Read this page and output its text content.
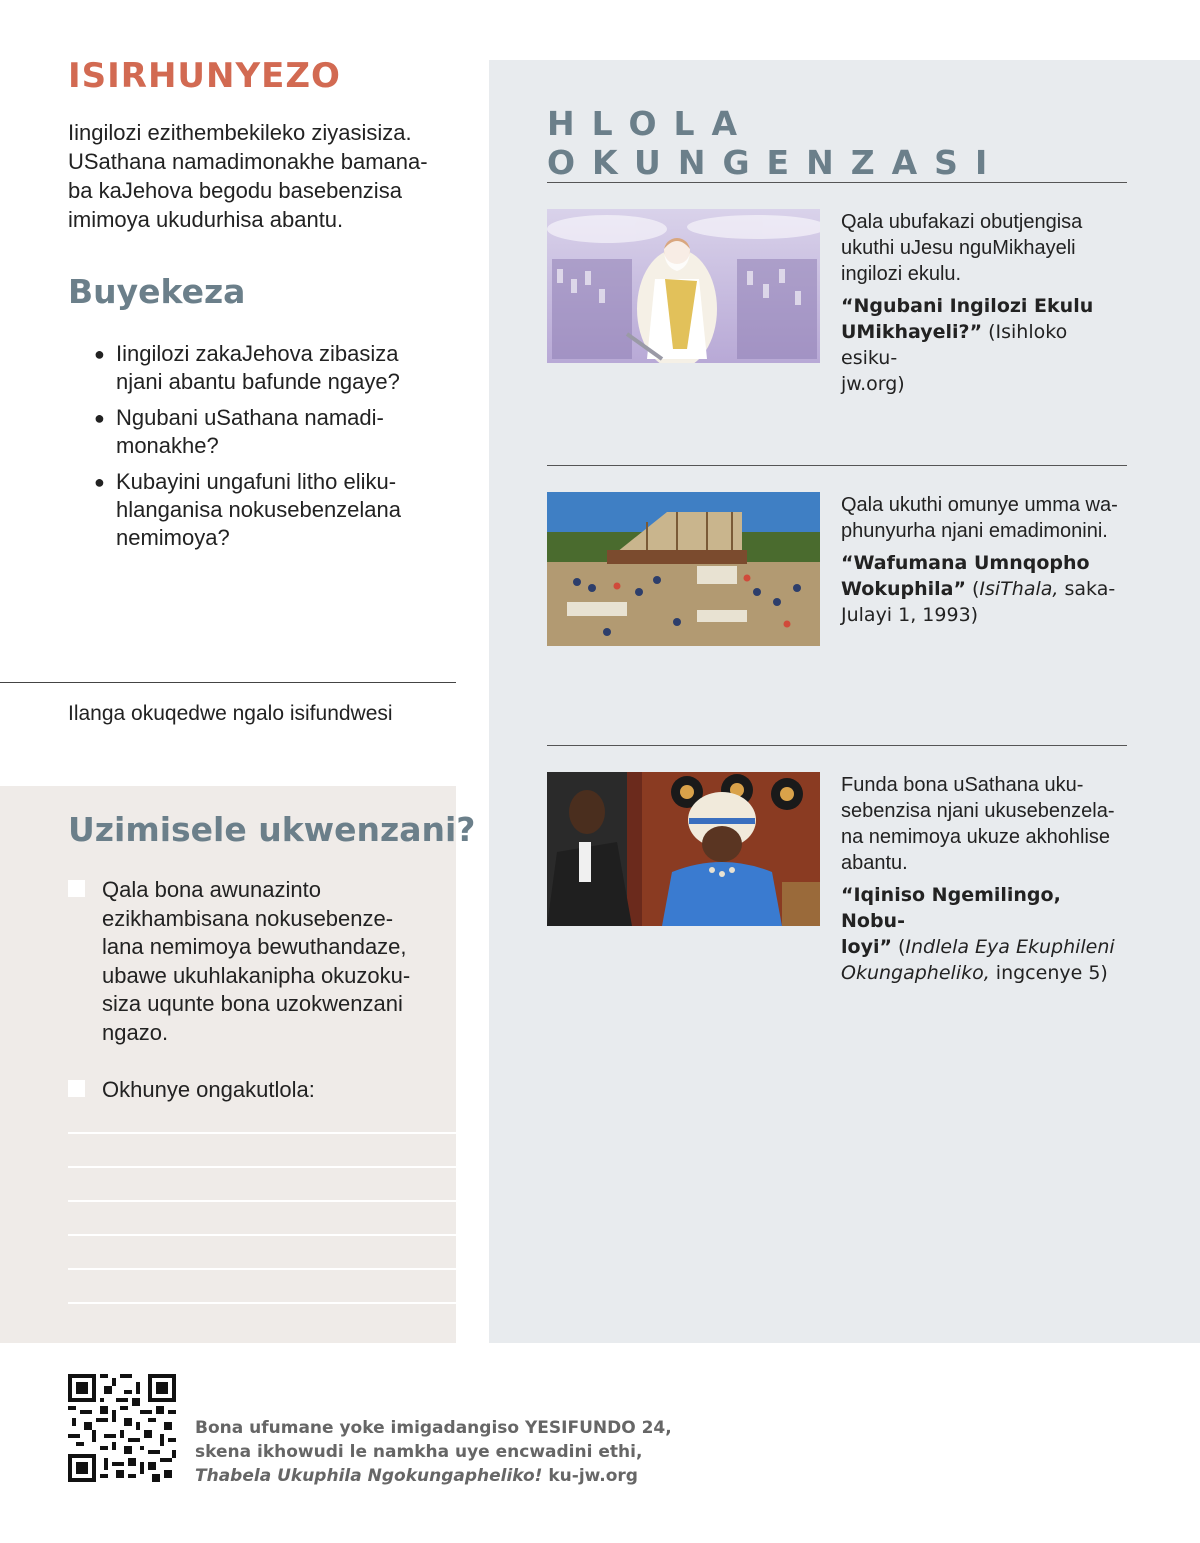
ISIRHUNYEZO

Iingilozi ezithembekileko ziyasisiza.
USathana namadimonakhe bamana-
ba kaJehova begodu basebenzisa
imimoya ukudurhisa abantu.

Buyekeza
● Iingilozi zakaJehova zibasiza
njani abantu bafunde ngaye?
● Ngubani uSathana namadi-
monakhe?
● Kubayini ungafuni litho eliku-
hlanganisa nokusebenzelana
nemimoya?

Ilanga okuqedwe ngalo isifundwesi

Uzimisele ukwenzani?
Qala bona awunazinto
ezikhambisana nokusebenze-
lana nemimoya bewuthandaze,
ubawe ukuhlakanipha okuzoku-
siza uqunte bona uzokwenzani
ngazo.
Okhunye ongakutlola:
HLOLA OKUNGENZASI

Qala ubufakazi obutjengisa
ukuthi uJesu nguMikhayeli
ingilozi ekulu.

“Ngubani Ingilozi Ekulu
UMikhayeli?” (Isihloko esiku-
jw.org)

Qala ukuthi omunye umma wa-
phunyurha njani emadimonini.

“Wafumana Umnqopho
Wokuphila” (IsiThala, saka-
Julayi 1, 1993)

Funda bona uSathana uku-
sebenzisa njani ukusebenzela-
na nemimoya ukuze akhohlise
abantu.

“Iqiniso Ngemilingo, Nobu-
loyi” (Indlela Eya Ekuphileni
Okungapheliko, ingcenye 5)

Bona ufumane yoke imigadangiso YESIFUNDO 24,
skena ikhowudi le namkha uye encwadini ethi,
Thabela Ukuphila Ngokungapheliko! ku-jw.org
